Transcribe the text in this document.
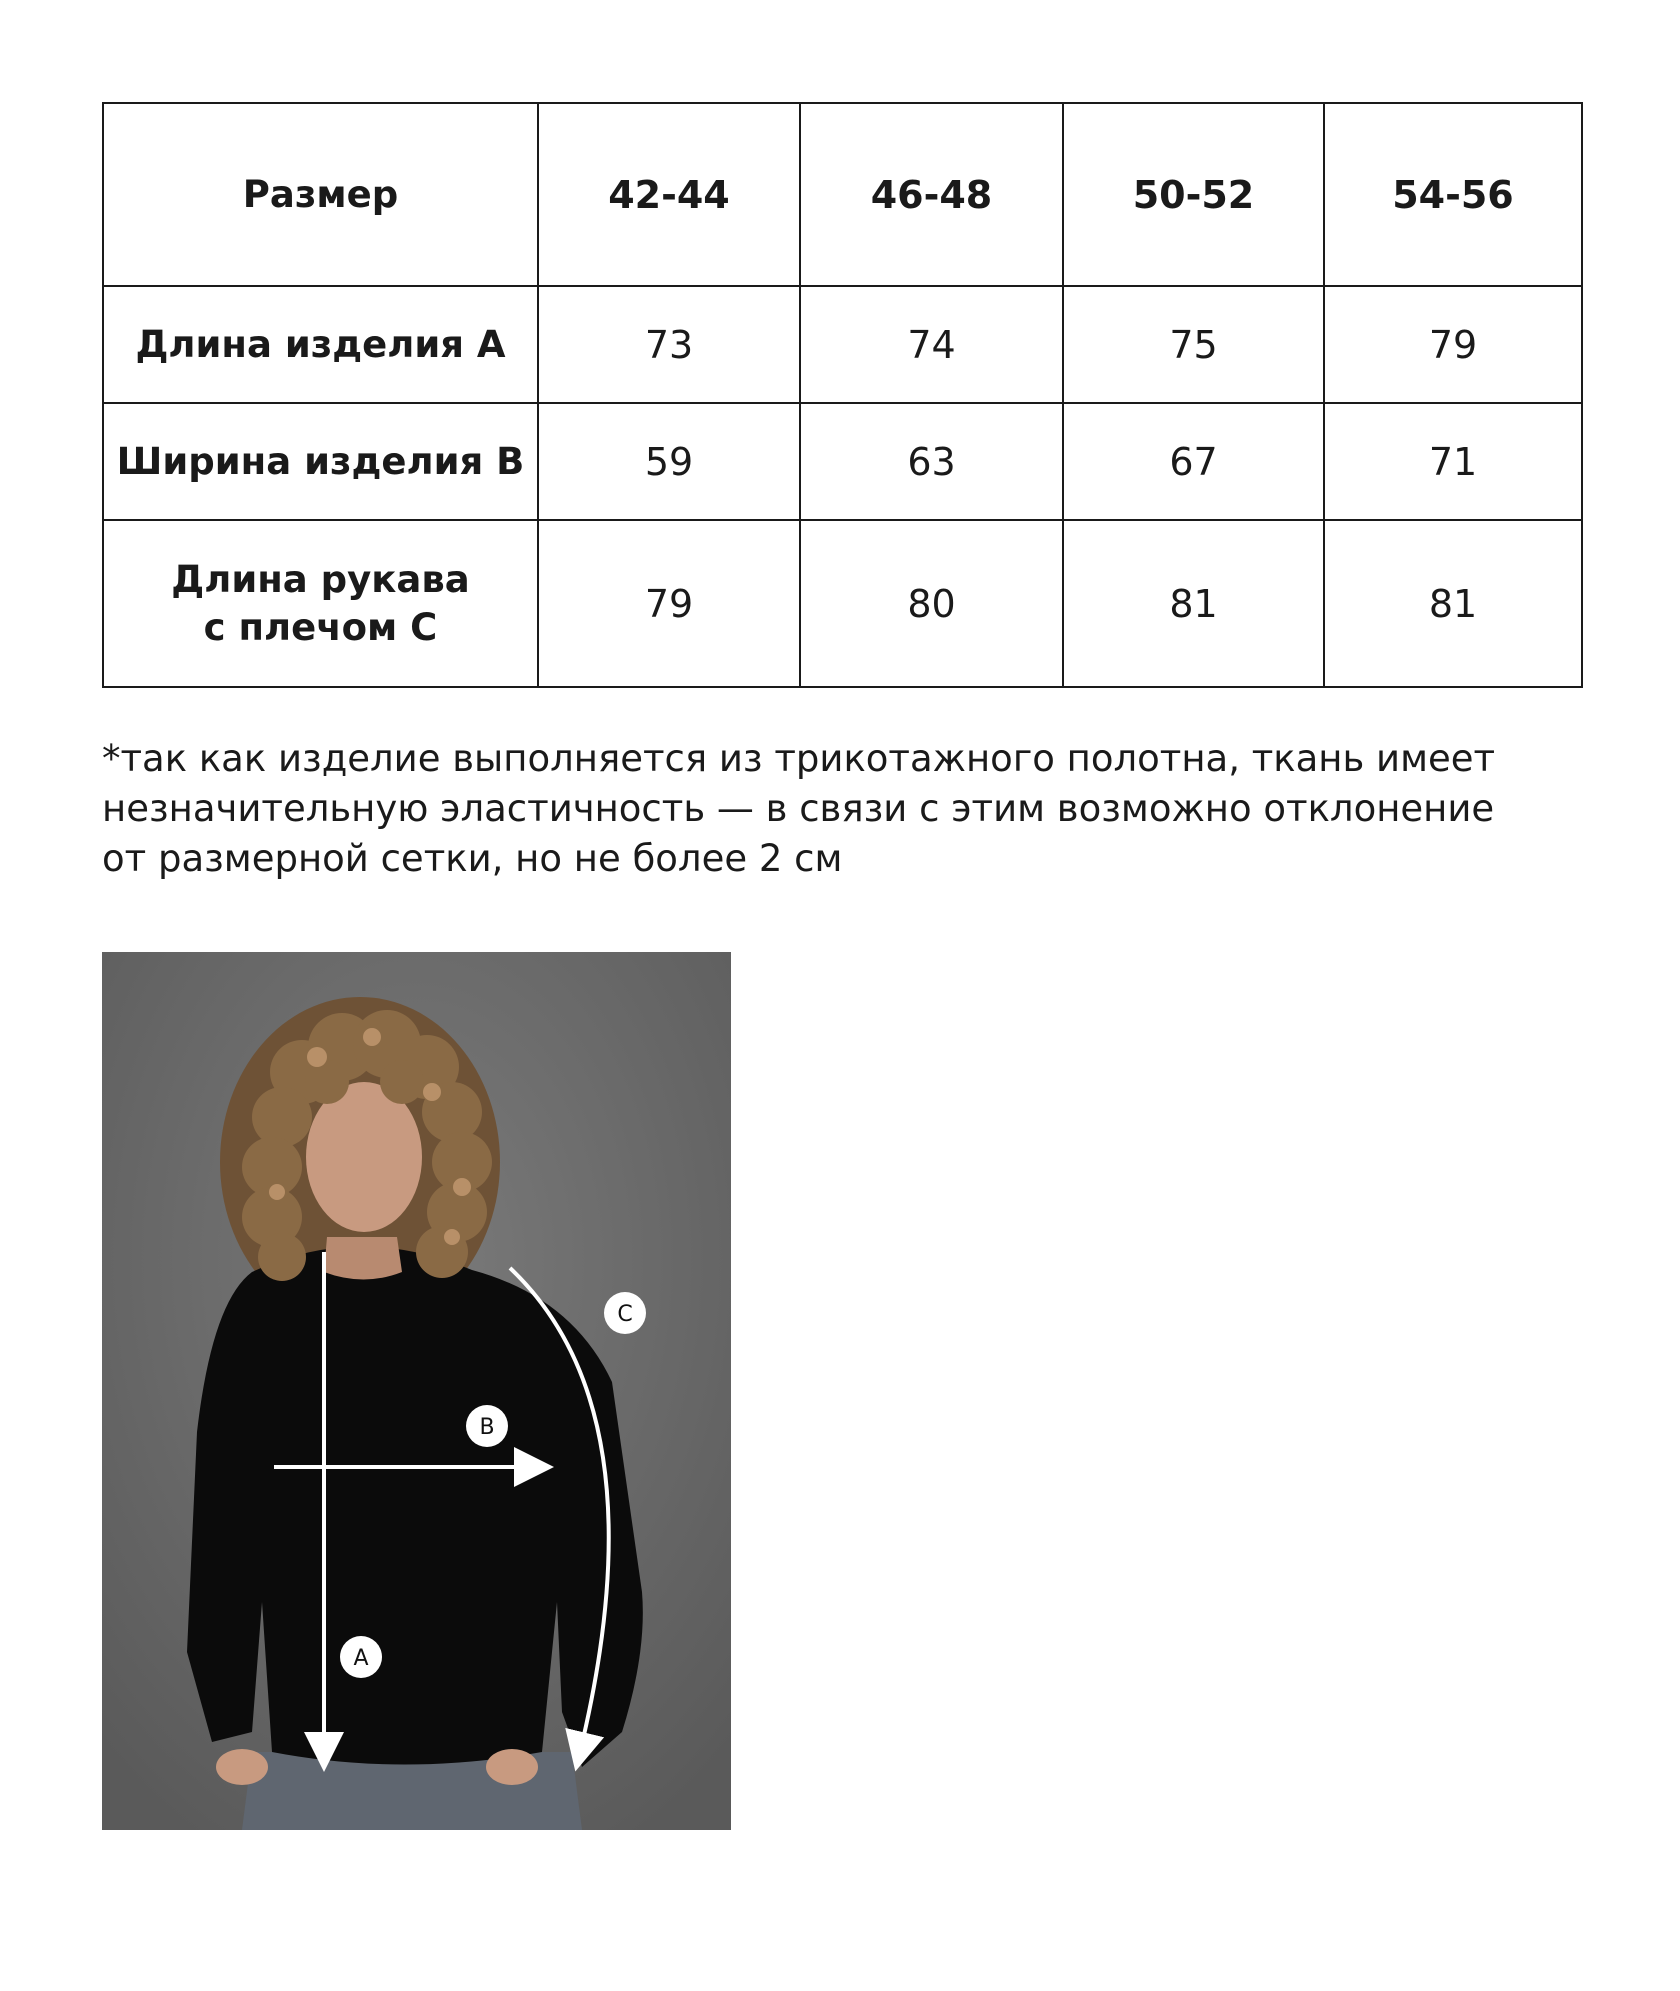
Размер	42-44	46-48	50-52	54-56
Длина изделия A	73	74	75	79
Ширина изделия B	59	63	67	71

Длина рукава
с плечом C	79	80	81	81
*так как изделие выполняется из трикотажного полотна, ткань имеет
незначительную эластичность — в связи с этим возможно отклонение
от размерной сетки, но не более 2 см
A
B
C
